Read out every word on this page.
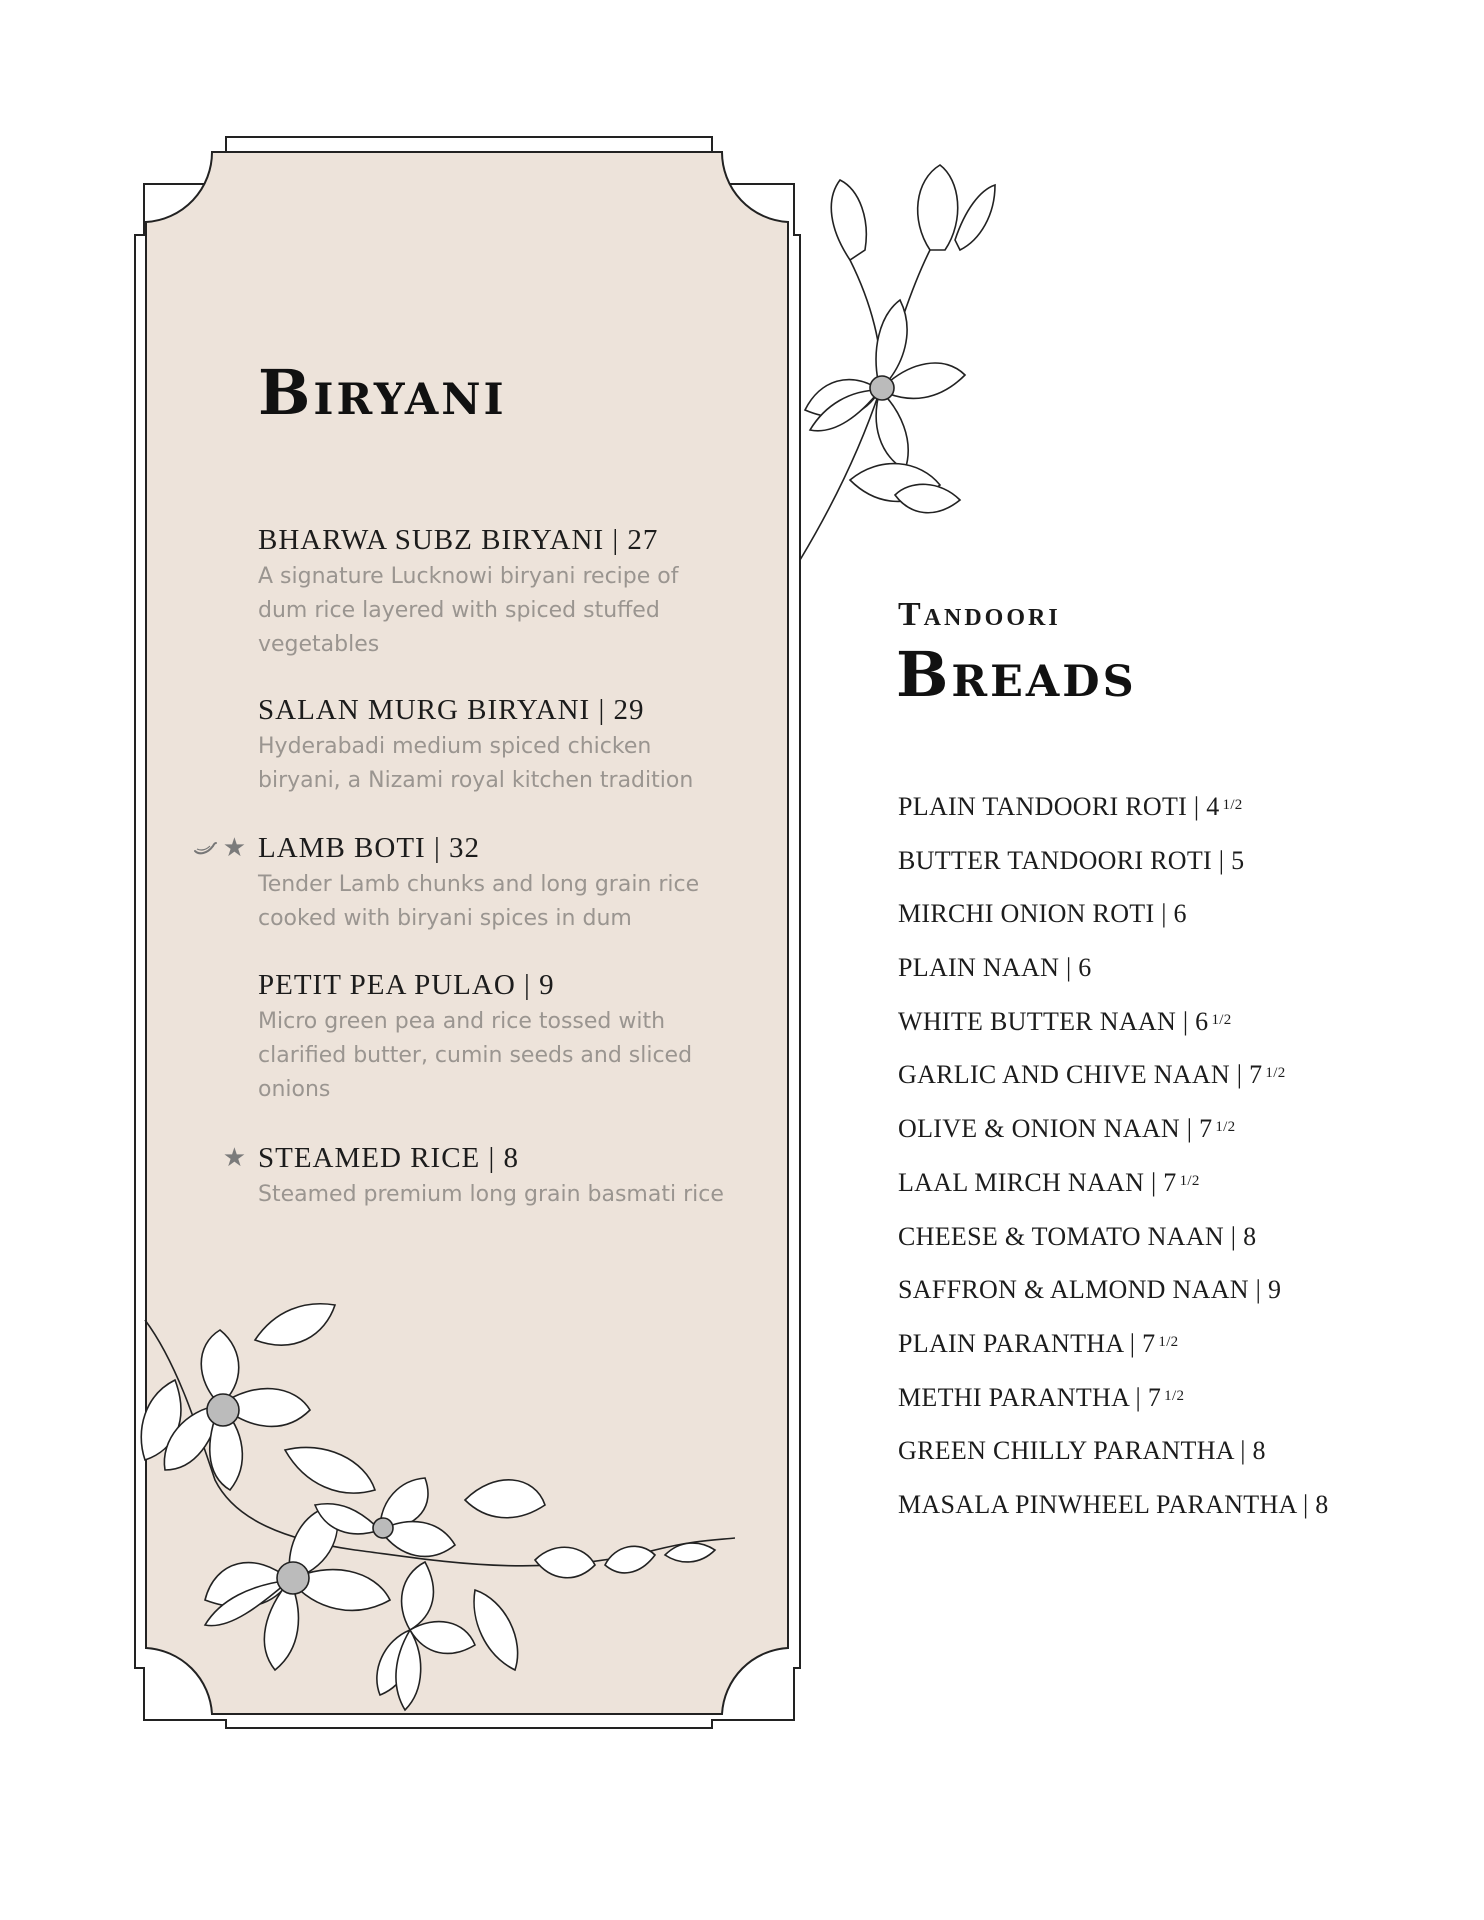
Biryani
BHARWA SUBZ BIRYANI | 27
A signature Lucknowi biryani recipe of dum rice layered with spiced stuffed vegetables
SALAN MURG BIRYANI | 29
Hyderabadi medium spiced chicken biryani, a Nizami royal kitchen tradition
★ LAMB BOTI | 32
Tender Lamb chunks and long grain rice cooked with biryani spices in dum
PETIT PEA PULAO | 9
Micro green pea and rice tossed with clarified butter, cumin seeds and sliced onions
★ STEAMED RICE | 8
Steamed premium long grain basmati rice
Tandoori
Breads
PLAIN TANDOORI ROTI | 4 $^{1/2}$
BUTTER TANDOORI ROTI | 5
MIRCHI ONION ROTI | 6
PLAIN NAAN | 6
WHITE BUTTER NAAN | 6 $^{1/2}$
GARLIC AND CHIVE NAAN | 7 $^{1/2}$
OLIVE & ONION NAAN | 7 $^{1/2}$
LAAL MIRCH NAAN | 7 $^{1/2}$
CHEESE & TOMATO NAAN | 8
SAFFRON & ALMOND NAAN | 9
PLAIN PARANTHA | 7 $^{1/2}$
METHI PARANTHA | 7 $^{1/2}$
GREEN CHILLY PARANTHA | 8
MASALA PINWHEEL PARANTHA | 8
